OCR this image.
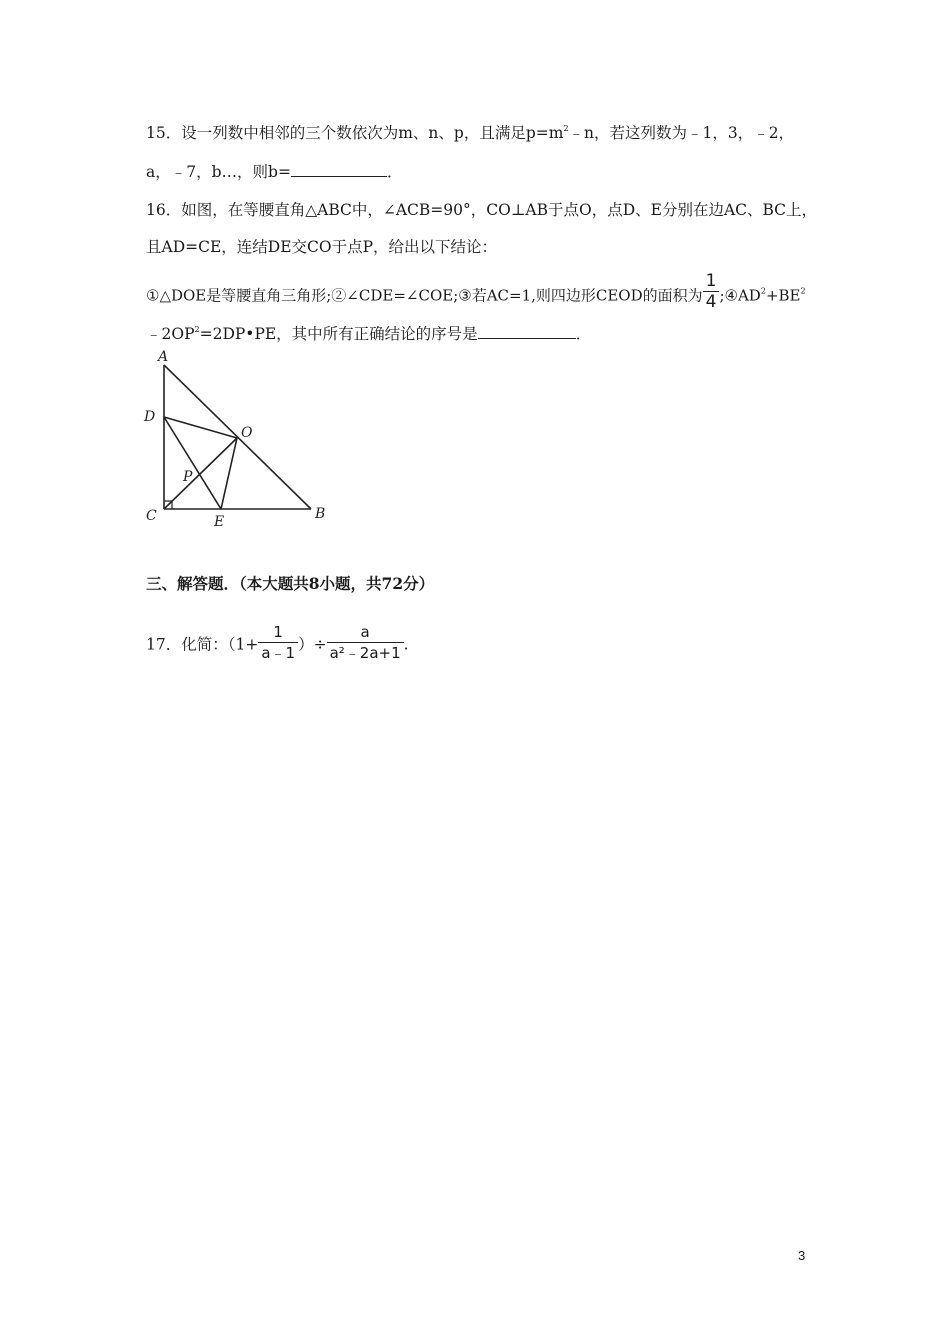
15．设一列数中相邻的三个数依次为m、n、p，且满足$p=m^2﹣n$，若这列数为﹣1，3，﹣2，
a，﹣7，b…，则b=	．
16．如图，在等腰直角△ABC中，∠ACB=90°，CO⊥AB于点O，点D、E分别在边AC、BC上，
且AD=CE，连结DE交CO于点P，给出以下结论：
①△DOE是等腰直角三角形;②∠CDE=∠COE;③若AC=1,则四边形CEOD的面积为 $\frac{1}{4}$ $;④AD^2+BE^2$
$﹣2OP^2=2DP•PE$，其中所有正确结论的序号是	．
A
D
O
P
C	E	B
三、解答题．（本大题共8小题，共72分）
17．化简：（$1+ \frac{1}{a﹣1}$ ）÷ $\frac{a}{\text{a²﹣2a+1}}$ .
3
